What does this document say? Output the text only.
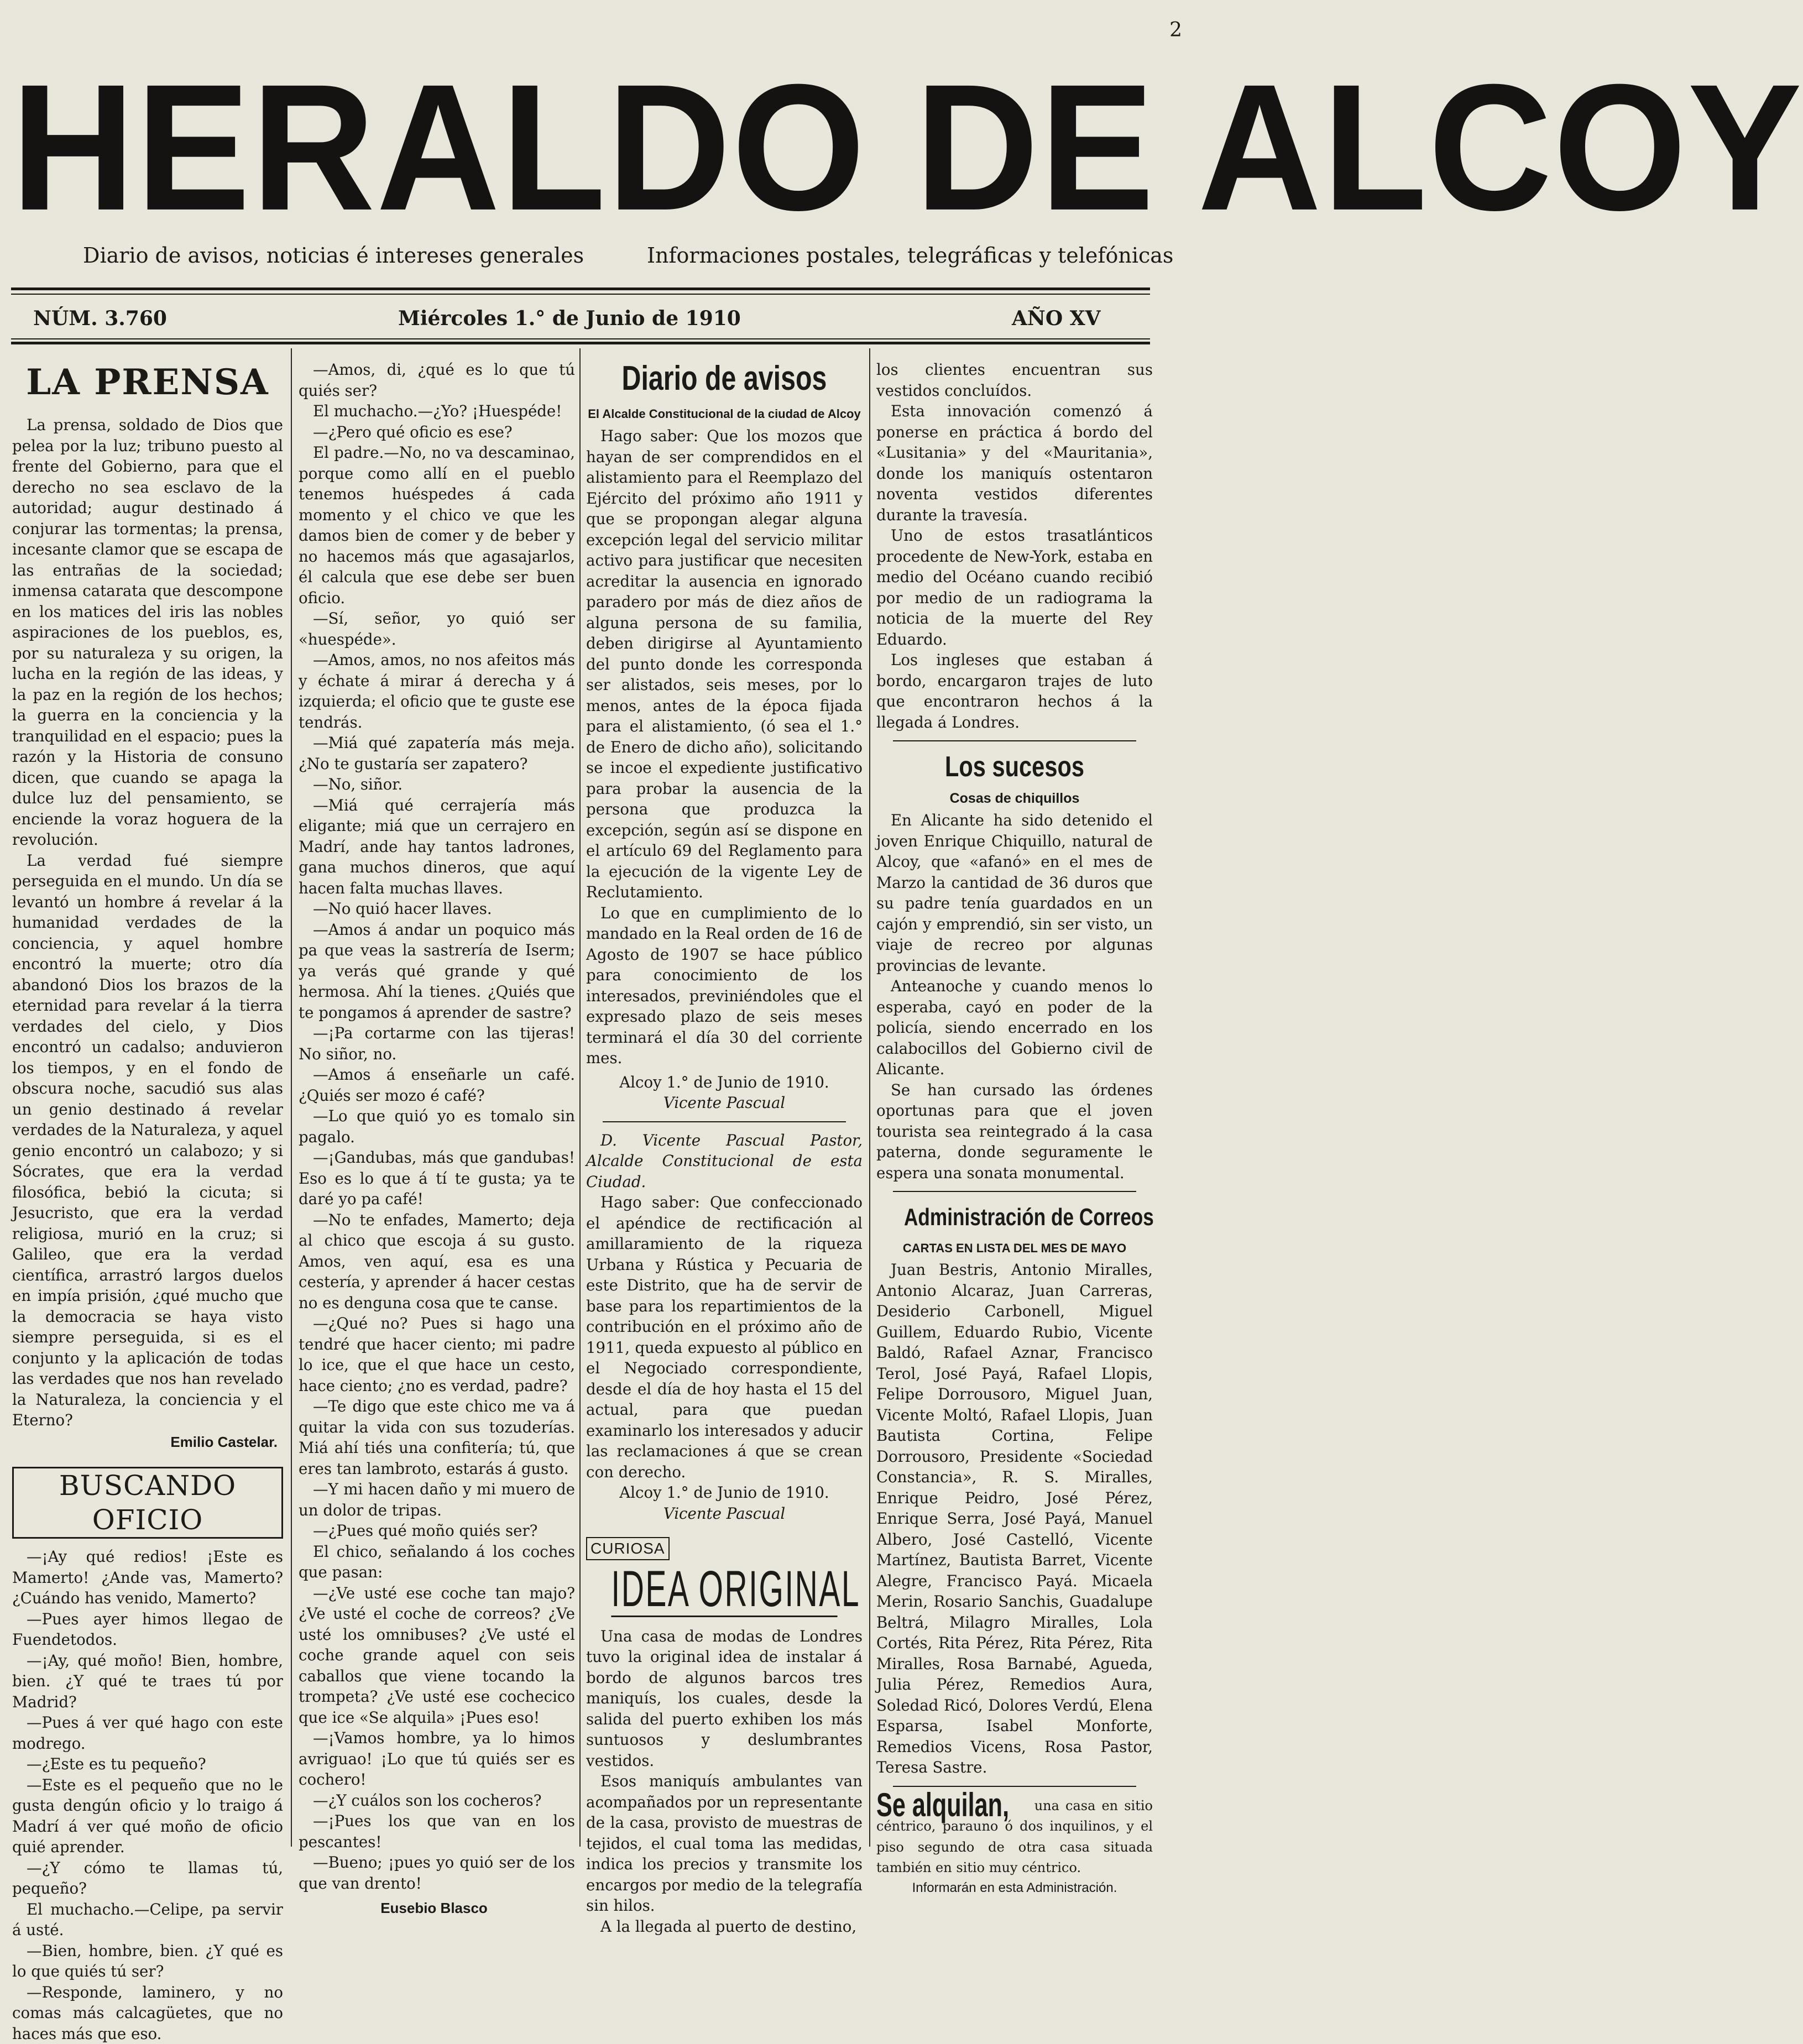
2
HERALDO DE ALCOY
Diario de avisos, noticias é intereses generales	Informaciones postales, telegráficas y telefónicas
NÚM. 3.760	Miércoles 1.° de Junio de 1910	AÑO XV
LA PRENSA

La prensa, soldado de Dios que pelea por la luz; tribuno puesto al frente del Gobierno, para que el derecho no sea esclavo de la autoridad; augur destinado á conjurar las tormentas; la prensa, incesante clamor que se escapa de las entrañas de la sociedad; inmensa catarata que descompone en los matices del iris las nobles aspiraciones de los pueblos, es, por su naturaleza y su origen, la lucha en la región de las ideas, y la paz en la región de los hechos; la guerra en la conciencia y la tranquilidad en el espacio; pues la razón y la Historia de consuno dicen, que cuando se apaga la dulce luz del pensamiento, se enciende la voraz hoguera de la revolución.

La verdad fué siempre perseguida en el mundo. Un día se levantó un hombre á revelar á la humanidad verdades de la conciencia, y aquel hombre encontró la muerte; otro día abandonó Dios los brazos de la eternidad para revelar á la tierra verdades del cielo, y Dios encontró un cadalso; anduvieron los tiempos, y en el fondo de obscura noche, sacudió sus alas un genio destinado á revelar verdades de la Naturaleza, y aquel genio encontró un calabozo; y si Sócrates, que era la verdad filosófica, bebió la cicuta; si Jesucristo, que era la verdad religiosa, murió en la cruz; si Galileo, que era la verdad científica, arrastró largos duelos en impía prisión, ¿qué mucho que la democracia se haya visto siempre perseguida, si es el conjunto y la aplicación de todas las verdades que nos han revelado la Naturaleza, la conciencia y el Eterno?

Emilio Castelar.
BUSCANDO OFICIO

—¡Ay qué redios! ¡Este es Mamerto! ¿Ande vas, Mamerto? ¿Cuándo has venido, Mamerto?

—Pues ayer himos llegao de Fuendetodos.

—¡Ay, qué moño! Bien, hombre, bien. ¿Y qué te traes tú por Madrid?

—Pues á ver qué hago con este modrego.

—¿Este es tu pequeño?

—Este es el pequeño que no le gusta dengún oficio y lo traigo á Madrí á ver qué moño de oficio quié aprender.

—¿Y cómo te llamas tú, pequeño?

El muchacho.—Celipe, pa servir á usté.

—Bien, hombre, bien. ¿Y qué es lo que quiés tú ser?

—Responde, laminero, y no comas más calcagüetes, que no haces más que eso.

—Amos, di, ¿qué es lo que tú quiés ser?

El muchacho.—¿Yo? ¡Huespéde!

—¿Pero qué oficio es ese?

El padre.—No, no va descaminao, porque como allí en el pueblo tenemos huéspedes á cada momento y el chico ve que les damos bien de comer y de beber y no hacemos más que agasajarlos, él calcula que ese debe ser buen oficio.

—Sí, señor, yo quió ser «huespéde».

—Amos, amos, no nos afeitos más y échate á mirar á derecha y á izquierda; el oficio que te guste ese tendrás.

—Miá qué zapatería más meja. ¿No te gustaría ser zapatero?

—No, siñor.

—Miá qué cerrajería más eligante; miá que un cerrajero en Madrí, ande hay tantos ladrones, gana muchos dineros, que aquí hacen falta muchas llaves.

—No quió hacer llaves.

—Amos á andar un poquico más pa que veas la sastrería de Iserm; ya verás qué grande y qué hermosa. Ahí la tienes. ¿Quiés que te pongamos á aprender de sastre?

—¡Pa cortarme con las tijeras! No siñor, no.

—Amos á enseñarle un café. ¿Quiés ser mozo é café?

—Lo que quió yo es tomalo sin pagalo.

—¡Gandubas, más que gandubas! Eso es lo que á tí te gusta; ya te daré yo pa café!

—No te enfades, Mamerto; deja al chico que escoja á su gusto. Amos, ven aquí, esa es una cestería, y aprender á hacer cestas no es denguna cosa que te canse.

—¿Qué no? Pues si hago una tendré que hacer ciento; mi padre lo ice, que el que hace un cesto, hace ciento; ¿no es verdad, padre?

—Te digo que este chico me va á quitar la vida con sus tozuderías. Miá ahí tiés una confitería; tú, que eres tan lambroto, estarás á gusto.

—Y mi hacen daño y mi muero de un dolor de tripas.

—¿Pues qué moño quiés ser?

El chico, señalando á los coches que pasan:

—¿Ve usté ese coche tan majo? ¿Ve usté el coche de correos? ¿Ve usté los omnibuses? ¿Ve usté el coche grande aquel con seis caballos que viene tocando la trompeta? ¿Ve usté ese cochecico que ice «Se alquila» ¡Pues eso!

—¡Vamos hombre, ya lo himos avriguao! ¡Lo que tú quiés ser es cochero!

—¿Y cuálos son los cocheros?

—¡Pues los que van en los pescantes!

—Bueno; ¡pues yo quió ser de los que van drento!

Eusebio Blasco
Diario de avisos
El Alcalde Constitucional de la ciudad de Alcoy

Hago saber: Que los mozos que hayan de ser comprendidos en el alistamiento para el Reemplazo del Ejército del próximo año 1911 y que se propongan alegar alguna excepción legal del servicio militar activo para justificar que necesiten acreditar la ausencia en ignorado paradero por más de diez años de alguna persona de su familia, deben dirigirse al Ayuntamiento del punto donde les corresponda ser alistados, seis meses, por lo menos, antes de la época fijada para el alistamiento, (ó sea el 1.° de Enero de dicho año), solicitando se incoe el expediente justificativo para probar la ausencia de la persona que produzca la excepción, según así se dispone en el artículo 69 del Reglamento para la ejecución de la vigente Ley de Reclutamiento.

Lo que en cumplimiento de lo mandado en la Real orden de 16 de Agosto de 1907 se hace público para conocimiento de los interesados, previniéndoles que el expresado plazo de seis meses terminará el día 30 del corriente mes.

Alcoy 1.° de Junio de 1910.
Vicente Pascual

D. Vicente Pascual Pastor, Alcalde Constitucional de esta Ciudad.

Hago saber: Que confeccionado el apéndice de rectificación al amillaramiento de la riqueza Urbana y Rústica y Pecuaria de este Distrito, que ha de servir de base para los repartimientos de la contribución en el próximo año de 1911, queda expuesto al público en el Negociado correspondiente, desde el día de hoy hasta el 15 del actual, para que puedan examinarlo los interesados y aducir las reclamaciones á que se crean con derecho.

Alcoy 1.° de Junio de 1910.
Vicente Pascual
CURIOSA
IDEA ORIGINAL

Una casa de modas de Londres tuvo la original idea de instalar á bordo de algunos barcos tres maniquís, los cuales, desde la salida del puerto exhiben los más suntuosos y deslumbrantes vestidos.

Esos maniquís ambulantes van acompañados por un representante de la casa, provisto de muestras de tejidos, el cual toma las medidas, indica los precios y transmite los encargos por medio de la telegrafía sin hilos.

A la llegada al puerto de destino,

los clientes encuentran sus vestidos concluídos.

Esta innovación comenzó á ponerse en práctica á bordo del «Lusitania» y del «Mauritania», donde los maniquís ostentaron noventa vestidos diferentes durante la travesía.

Uno de estos trasatlánticos procedente de New-York, estaba en medio del Océano cuando recibió por medio de un radiograma la noticia de la muerte del Rey Eduardo.

Los ingleses que estaban á bordo, encargaron trajes de luto que encontraron hechos á la llegada á Londres.

Los sucesos
Cosas de chiquillos

En Alicante ha sido detenido el joven Enrique Chiquillo, natural de Alcoy, que «afanó» en el mes de Marzo la cantidad de 36 duros que su padre tenía guardados en un cajón y emprendió, sin ser visto, un viaje de recreo por algunas provincias de levante.

Anteanoche y cuando menos lo esperaba, cayó en poder de la policía, siendo encerrado en los calabocillos del Gobierno civil de Alicante.

Se han cursado las órdenes oportunas para que el joven tourista sea reintegrado á la casa paterna, donde seguramente le espera una sonata monumental.

Administración de Correos
CARTAS EN LISTA DEL MES DE MAYO

Juan Bestris, Antonio Miralles, Antonio Alcaraz, Juan Carreras, Desiderio Carbonell, Miguel Guillem, Eduardo Rubio, Vicente Baldó, Rafael Aznar, Francisco Terol, José Payá, Rafael Llopis, Felipe Dorrousoro, Miguel Juan, Vicente Moltó, Rafael Llopis, Juan Bautista Cortina, Felipe Dorrousoro, Presidente «Sociedad Constancia», R. S. Miralles, Enrique Peidro, José Pérez, Enrique Serra, José Payá, Manuel Albero, José Castelló, Vicente Martínez, Bautista Barret, Vicente Alegre, Francisco Payá. Micaela Merin, Rosario Sanchis, Guadalupe Beltrá, Milagro Miralles, Lola Cortés, Rita Pérez, Rita Pérez, Rita Miralles, Rosa Barnabé, Agueda, Julia Pérez, Remedios Aura, Soledad Ricó, Dolores Verdú, Elena Esparsa, Isabel Monforte, Remedios Vicens, Rosa Pastor, Teresa Sastre.

Se alquilan, una casa en sitio céntrico, parauno ó dos inquilinos, y el piso segundo de otra casa situada también en sitio muy céntrico.
Informarán en esta Administración.
